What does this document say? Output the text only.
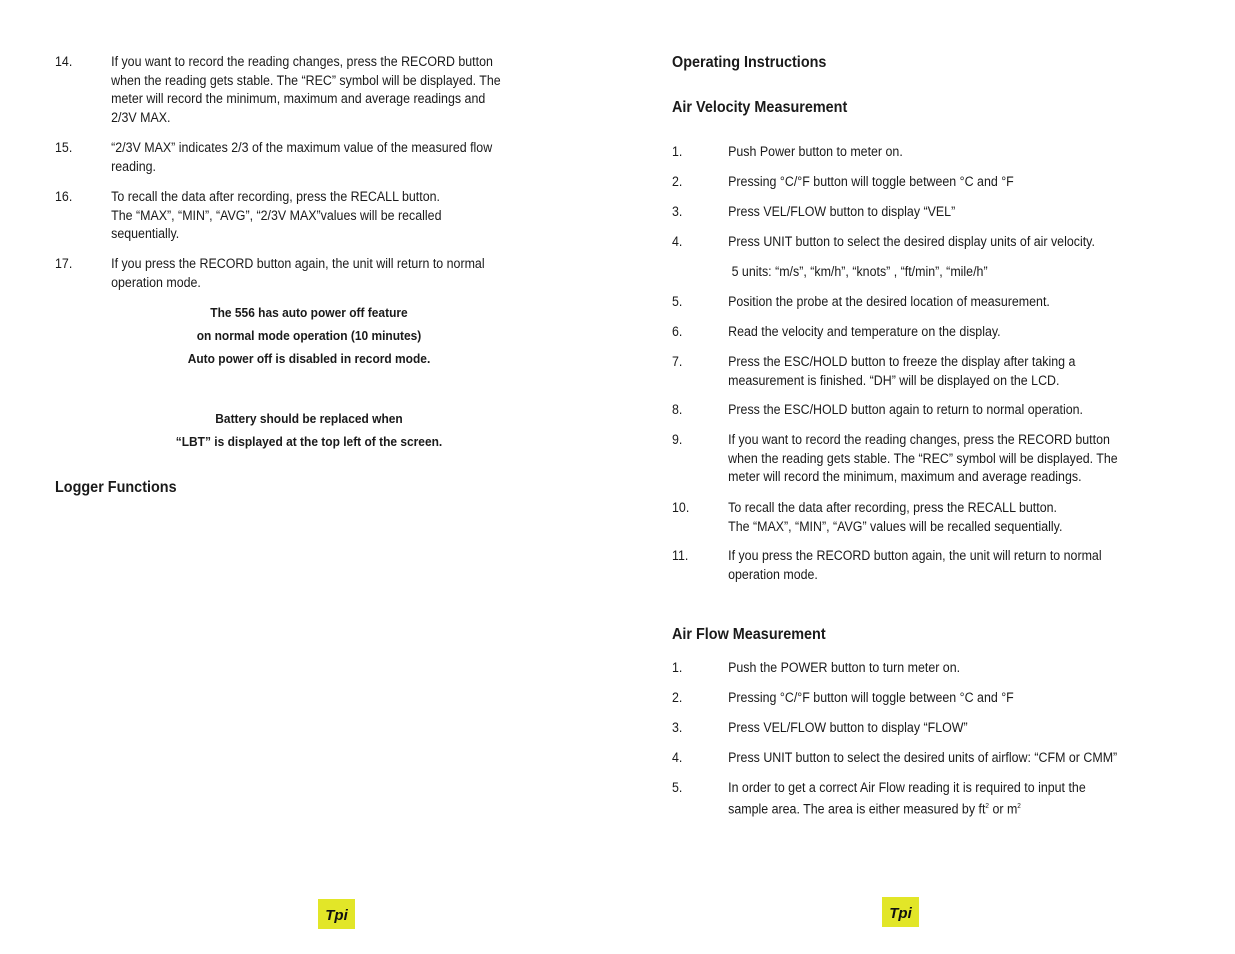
14.	If you want to record the reading changes, press the RECORD button
when the reading gets stable. The “REC” symbol will be displayed. The
meter will record the minimum, maximum and average readings and
2/3V MAX.
15.	“2/3V MAX” indicates 2/3 of the maximum value of the measured flow
reading.
16.	To recall the data after recording, press the RECALL button.
The “MAX”, “MIN”, “AVG”, “2/3V MAX”values will be recalled
sequentially.
17.	If you press the RECORD button again, the unit will return to normal
operation mode.
The 556 has auto power off feature
on normal mode operation (10 minutes)
Auto power off is disabled in record mode.
Battery should be replaced when
“LBT” is displayed at the top left of the screen.
Logger Functions
Tpi
Operating Instructions
Air Velocity Measurement
1.	Push Power button to meter on.
2.	Pressing °C/°F button will toggle between °C and °F
3.	Press VEL/FLOW button to display “VEL”
4.	Press UNIT button to select the desired display units of air velocity.
5 units: “m/s”, “km/h”, “knots” , “ft/min”, “mile/h”
5.	Position the probe at the desired location of measurement.
6.	Read the velocity and temperature on the display.
7.	Press the ESC/HOLD button to freeze the display after taking a
measurement is finished. “DH” will be displayed on the LCD.
8.	Press the ESC/HOLD button again to return to normal operation.
9.	If you want to record the reading changes, press the RECORD button
when the reading gets stable. The “REC” symbol will be displayed. The
meter will record the minimum, maximum and average readings.
10.	To recall the data after recording, press the RECALL button.
The “MAX”, “MIN”, “AVG” values will be recalled sequentially.
11.	If you press the RECORD button again, the unit will return to normal
operation mode.
Air Flow Measurement
1.	Push the POWER button to turn meter on.
2.	Pressing °C/°F button will toggle between °C and °F
3.	Press VEL/FLOW button to display “FLOW”
4.	Press UNIT button to select the desired units of airflow: “CFM or CMM”
5.	In order to get a correct Air Flow reading it is required to input the
sample area. The area is either measured by $ft^2$ or $m^2$
Tpi
